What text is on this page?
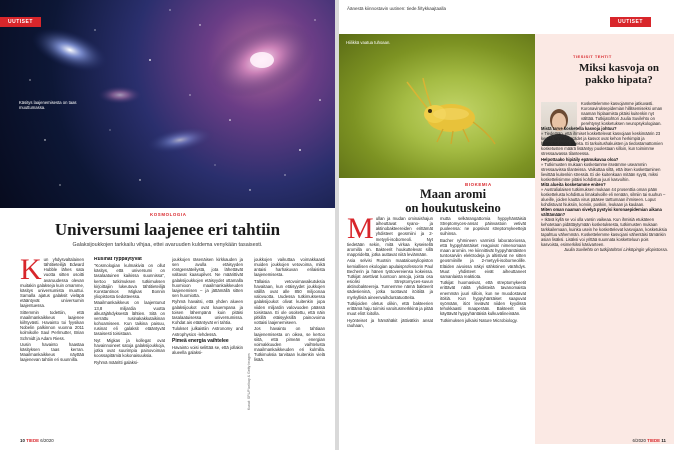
UUTISET
Käsitys laajenemisesta on taas muuttumassa.
KOSMOLOGIA
Universumi laajenee eri tahtiin
Galaksijoukkojen tarkkailu vihjaa, ettei avaruuden kuldema venykään tasaisesti.
K un yhdysvaltalainen tähtitieteilijä Edward Hubble lähes sata vuotta sitten osoitti avaruudessa olevan muitakin galakseja kuin omamme, käsitys universumista muuttui. Samalla ajatus galaksit vieläpä etääntyvät universumin laajentuessa.

Sittemmin todettiin, että maailmankaikkeus laajenee kiihtyvästi. Havainto toi fyysikan Nobelin palkinnon vuonna 2011 kolmikolle Saul Perlmutter, Brian Schmidt ja Adam Riess.

Uusin havainto haastaa käsityksen taas kerran. Maailmankaikkeus näyttää laajenevan tahtiin eri suunnilla.

Rusinat ryppäytyvät

"Kosmologian kulmakiviä on ollut käsitys, että universumi on tasalaatuinen kaikissa suunnissa", kertoo tutkimuksen tutkimuksen kirjoittajiin lukeutuva tähtitieteilijä Konstantinos Migkas Bonnin yliopistosta tiedotteessa.

Maailmankaikkeus on laajentunut 13,8 miljardia vuotta alkuräjähdyksestä lähtien. Sitä on verrattu rusinakakkutaikinan kohoamiseen. Kun taikina paisuu, rusinat eli galaksit etääntyvät tasaisesti toisistaan.

Nyt Migkas ja kollegat ovat havainnoineet satoja galaksijoukkoja, jotka ovat suurimpia painovoiman koossapitämiä kokonaisuuksia.

Ryhmä määritti galaksi-

joukkojen räsenäisen kirkkauden ja sen avulla etäisyyden röntgensäteilystä, jota lähettävät valtavat kaasupilvet. Ne määrittivät galaksijoukkojen etäisyydet ottamalla huomioon maailmankaikkeuden laajenemisen – ja jättämällä sitten sen huomiotta.

Ryhmä havaitsi, että yhden alueen galaksijoukot ovat kauempana ja toisen lähempänä kuin pitäisi tasalaatuisessa universumissa. Kohdat ais etääntyvät eri tahtia.

Tulokset julkaistiin Astronomy and Astrophysics -lehdessä.

Pimeä energia vaihtelee

Havainto voisi selittää se, että jollakin alueella galaksi-

Kuvat: SPL/Pixelbay & Getty Images

joukkojen vaikuttaa voimakkaasti muiden joukkojen vetovoima, mikä antaisi harhakuvan erilaisista laajenemisesta.

Tällaisia vetovoimavaikutuksia havaitaan, kun etäisyydet joukkojen välillä ovat alle 850 miljoonaa valovuotta. Uudessa tutkimuksessa galaksijoukot olivat kuitenkin jopa viiden miljardin valovuoden päässä toisistaan. Ei ole osoitettu, että näin pitkillä etäisyyksillä painovoima vottaisi laajenemiseen.

Jos havainto on tahtiaan laajenemisesta on oikea, se kertoo siitä, että pimeän energian voimakkuuden vaihtelusta maailmankaikkeuden eri kulmilla. Tutkimuksia tarvitaan kuitenkin vielä lisää.

10 TIEDE 6/2020
Äänestä kiinnostavin uutinen: tiede.fi/tykkaajtaalla
UUTISET
Hiilikkä vaatua tuhoaan.
BIOKEMIA
Maan aromi
on houkutuskeino
M ullan ja mudan ominaishajun aiheuttavat syano- ja aktinobakteereiden erittämät yhdisteet geosmiini ja 2-metyyli-isoborneoli. Nyt tiedetään sekin, mitä virkaa kyseisellä aromilla on. Bakteerit houkuttelevat sillä mapprideltä, jotka auttavat niitä leviämään.

Asia selvisi Ruotsin maatalousyliopiston kemiallisen ekologian apulaisprofessorin Paul Becherin ja hänen työtovereiensa kokeissa. Tutkijat asettivat luontoon ansoja, joista osa esiolisi Streptomyces-suvun aktinobakteereja. Tunnemme nämä bakteerit sädesieninä, jotka tuottavat itöitiitä ja myrkyllisiä aineenvaihduntatuotteita.

Tutkijoiden oletus olikin, että bakteerien erittämä haju toimisi varoitusmerkkinä ja pitää muut eliöt loitolla.

Hyönteiset ja hämähäkit jättivätkin ansat rauhaan,

mutta selkärangattomia hyppyhäntäisiä Streptomyces-ansat päinvastoin vetivät puoleensa: ne popsivat streptomykeettejä suihinsa.

Bacher ryhmineen varmisti laboratoriossa, että hyppyhäntäiset reagoivat nimenomaan maan aromiin. He kiinnittivät hyppyhäntäisten tuntosarviin elektrodeja ja altistivat ne sitten geosmiinille ja 2-metyyli-isoborneolille. Eläiden aivoissa näkyi sähköinen värähdys. Muut yhdisteet eivät aiheuttaneet samanlaista reaktiota.

Tutkijat huomasivat, että streptomykeetit erittävät näitä yhdisteitä tavanomaista enemmän juuri silloin, kun ne muodostavat itöitiä. Kun hyppyhäntäiset saapuvat syömään, itiöt leviävät niiden kyydissä tehokkaasti maaperään. Bakteerit siis käyttävät hyppyhäntäisiä kulkuvälineinään.

Tutkimuksen julkaisi Nature Microbiology.

TIESISIT TEHTIT
Miksi kasvoja on pakko hipata?

Koskettelemme kasvojamme jatkuvasti. Koronaviruksepidemian hillitsemiseksi oman naaman hiplaamista pitäisi kuitenkin nyt välttää. Tutkijatohtori Juulia Suvilehto on perehtynyt kosketuksen neuropsykologiaan.

Mistä tarve kosketella kasvoja johtuu?

» Tiedetään, että ihmiset koskettelevat kasvojaan keskimäärin 23 kertaa tunnissa. Kädet ja kasvot ovat kehon herkimpiä ja hermotetuimpia alueita. Ei tarkoitushakuisten ja tiedostamattomien kosketusten määrä lisääntyy puolestaan silloin, kun toimimme stressaavassa tilanteessa.

Helpottaako hipiäily epämukavaa oloa?

» Tutkimusten mukaan kosketamme itseämme useammin stressaavissa tilanteissa. Vaikuttaa siltä, että itsen koskettaminen lievittää kuitenkin stressiä. Ei ole kuitenkaan mitään syytä, miksi koskettelisimme pitäisi kohdistua juuri kasvoihin.

Mitä alueita kosketamme eniten?

» Australialaisen tutkimuksen mukaan 44 prosenttia oman pään koskettelusta kohdistuu limakalvoille eli nenään, silmiin tai suuhun – alueille, joiden kautta virus pääsee tarttumaan ihmiseen. Loput kohdistuvat hiuksiin, korviin, poskiin, leukaan ja kaulaan.

Miten oman naaman sivelyä pystyisi koronaepidemian aikana välttämään?

» Ikävä kyllä se voi olla varsin vaikeaa. Kun ihmisiä etukäteen kehotetaan pidättäytymään kosketuksesta, tutkimusten mukaan tarkkailemaan, kuinka usein he koskettelevat kasvojaan, kosketuksia tapahtuu vähemmän. Koskettelemme kasvojani vähentäisi tämänkin asian lisäksi. Lisäksi voi yrittää suunnata kosketteluun pois kasvoista, esimerkiksi käsivarteen.

Juulia Suvilehto on tutkijatohtori Linköpingin yliopistossa.

6/2020 TIEDE 11
